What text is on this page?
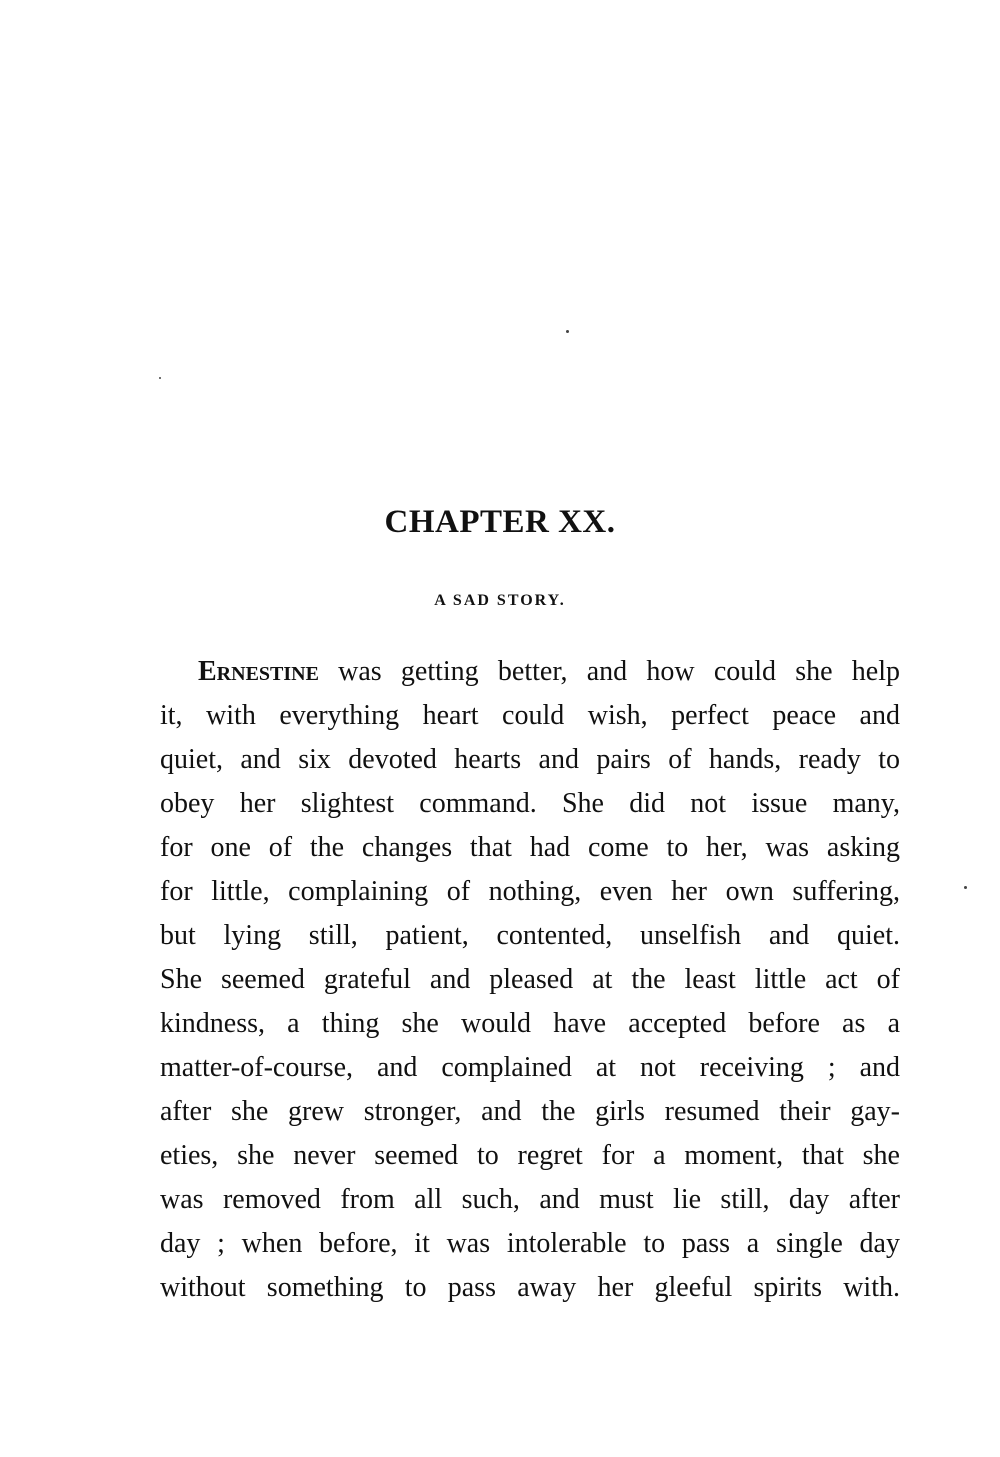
CHAPTER XX.
A SAD STORY.
Ernestine was getting better, and how could she help
it, with everything heart could wish, perfect peace and
quiet, and six devoted hearts and pairs of hands, ready to
obey her slightest command. She did not issue many,
for one of the changes that had come to her, was asking
for little, complaining of nothing, even her own suffering,
but lying still, patient, contented, unselfish and quiet.
She seemed grateful and pleased at the least little act of
kindness, a thing she would have accepted before as a
matter-of-course, and complained at not receiving ; and
after she grew stronger, and the girls resumed their gay-
eties, she never seemed to regret for a moment, that she
was removed from all such, and must lie still, day after
day ; when before, it was intolerable to pass a single day
without something to pass away her gleeful spirits with.
